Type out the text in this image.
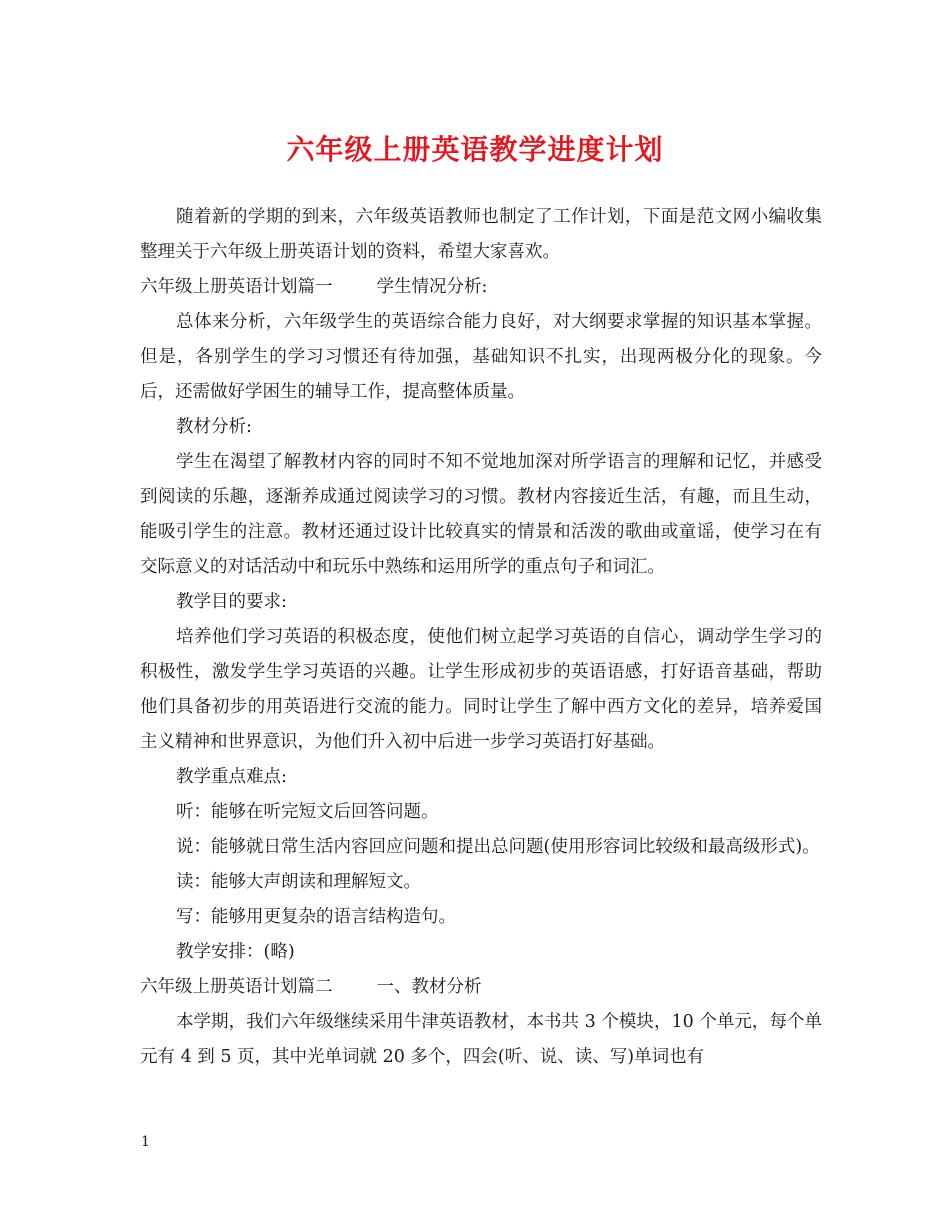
六年级上册英语教学进度计划

随着新的学期的到来，六年级英语教师也制定了工作计划，下面是范文网小编收集整理关于六年级上册英语计划的资料，希望大家喜欢。

六年级上册英语计划篇一	学生情况分析:

总体来分析，六年级学生的英语综合能力良好，对大纲要求掌握的知识基本掌握。但是，各别学生的学习习惯还有待加强，基础知识不扎实，出现两极分化的现象。今后，还需做好学困生的辅导工作，提高整体质量。

教材分析:

学生在渴望了解教材内容的同时不知不觉地加深对所学语言的理解和记忆，并感受到阅读的乐趣，逐渐养成通过阅读学习的习惯。教材内容接近生活，有趣，而且生动，能吸引学生的注意。教材还通过设计比较真实的情景和活泼的歌曲或童谣，使学习在有交际意义的对话活动中和玩乐中熟练和运用所学的重点句子和词汇。

教学目的要求:

培养他们学习英语的积极态度，使他们树立起学习英语的自信心，调动学生学习的积极性，激发学生学习英语的兴趣。让学生形成初步的英语语感，打好语音基础，帮助他们具备初步的用英语进行交流的能力。同时让学生了解中西方文化的差异，培养爱国主义精神和世界意识，为他们升入初中后进一步学习英语打好基础。

教学重点难点:

听：能够在听完短文后回答问题。

说：能够就日常生活内容回应问题和提出总问题(使用形容词比较级和最高级形式)。

读：能够大声朗读和理解短文。

写：能够用更复杂的语言结构造句。

教学安排：(略)

六年级上册英语计划篇二	一、教材分析

本学期，我们六年级继续采用牛津英语教材，本书共 3 个模块，10 个单元，每个单元有 4 到 5 页，其中光单词就 20 多个，四会(听、说、读、写)单词也有

1
